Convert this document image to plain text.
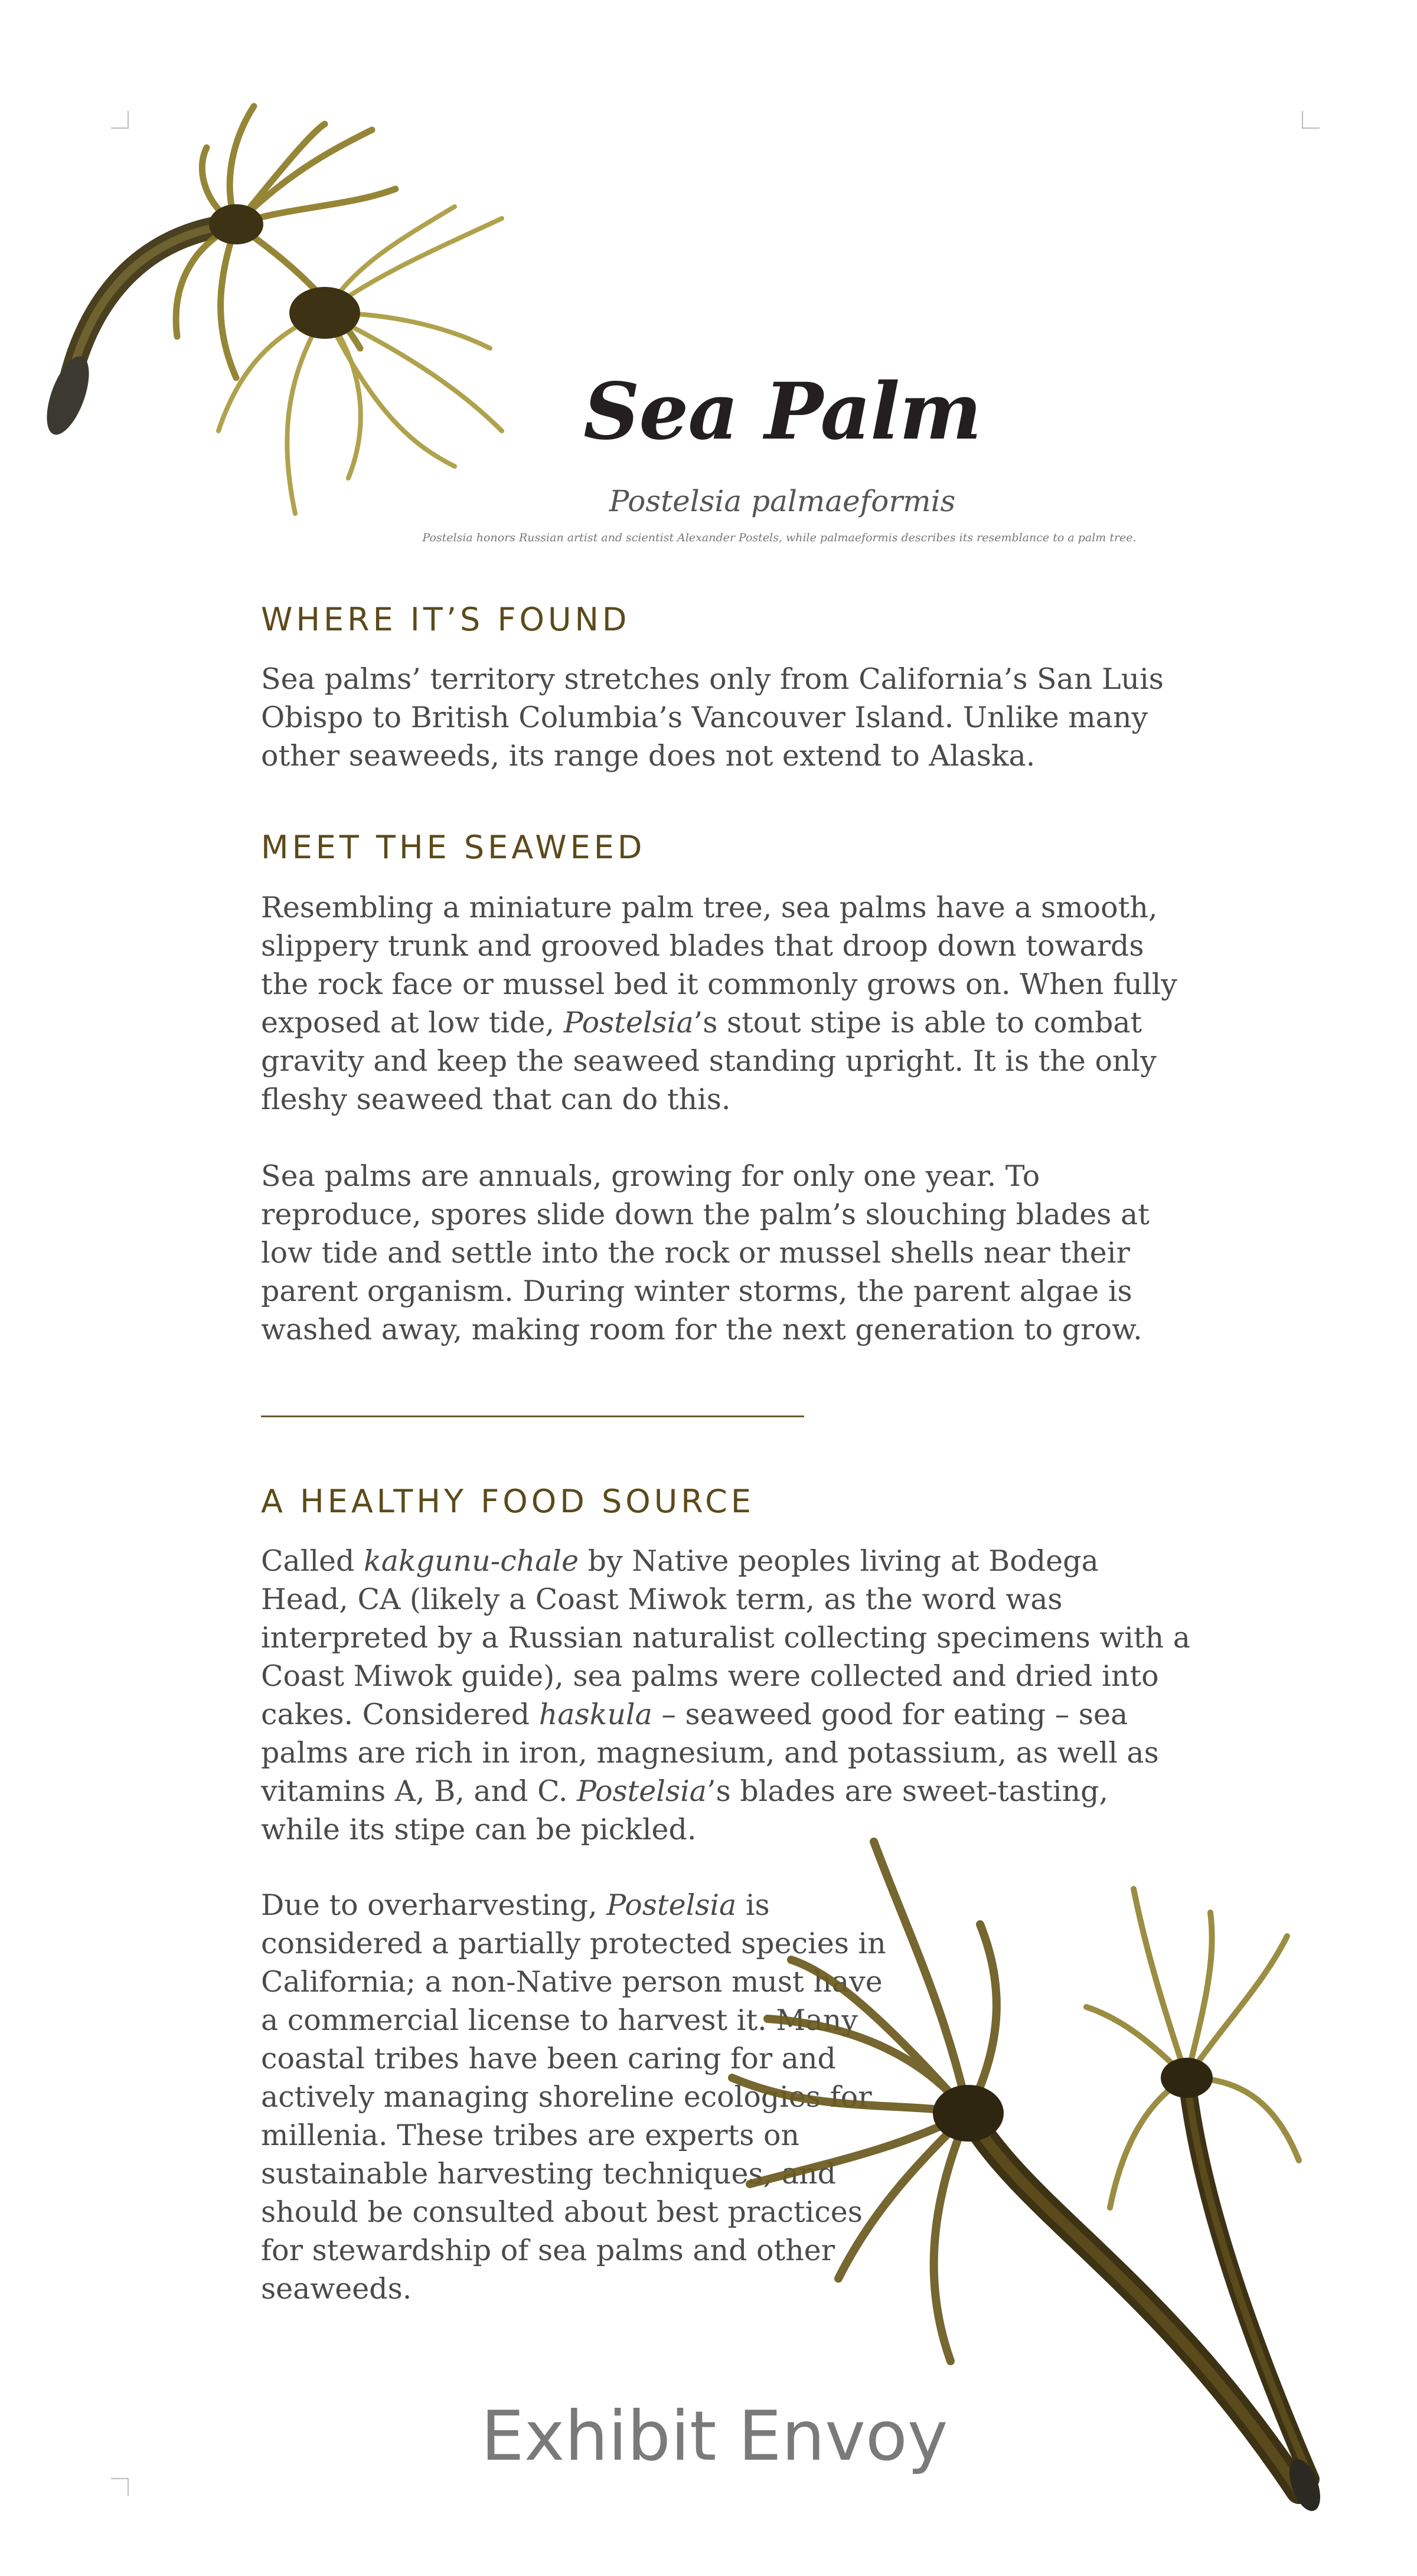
Sea Palm
Postelsia palmaeformis
Postelsia honors Russian artist and scientist Alexander Postels, while palmaeformis describes its resemblance to a palm tree.
WHERE IT’S FOUND

Sea palms’ territory stretches only from California’s San Luis Obispo to British Columbia’s Vancouver Island. Unlike many other seaweeds, its range does not extend to Alaska.

MEET THE SEAWEED

Resembling a miniature palm tree, sea palms have a smooth, slippery trunk and grooved blades that droop down towards the rock face or mussel bed it commonly grows on. When fully exposed at low tide, Postelsia’s stout stipe is able to combat gravity and keep the seaweed standing upright. It is the only fleshy seaweed that can do this.

Sea palms are annuals, growing for only one year. To reproduce, spores slide down the palm’s slouching blades at low tide and settle into the rock or mussel shells near their parent organism. During winter storms, the parent algae is washed away, making room for the next generation to grow.

A HEALTHY FOOD SOURCE

Called kakgunu-chale by Native peoples living at Bodega Head, CA (likely a Coast Miwok term, as the word was interpreted by a Russian naturalist collecting specimens with a Coast Miwok guide), sea palms were collected and dried into cakes. Considered haskula – seaweed good for eating – sea palms are rich in iron, magnesium, and potassium, as well as vitamins A, B, and C. Postelsia’s blades are sweet-tasting, while its stipe can be pickled.

Due to overharvesting, Postelsia is considered a partially protected species in California; a non-Native person must have a commercial license to harvest it. Many coastal tribes have been caring for and actively managing shoreline ecologies for millenia. These tribes are experts on sustainable harvesting techniques, and should be consulted about best practices for stewardship of sea palms and other seaweeds.

Exhibit Envoy
